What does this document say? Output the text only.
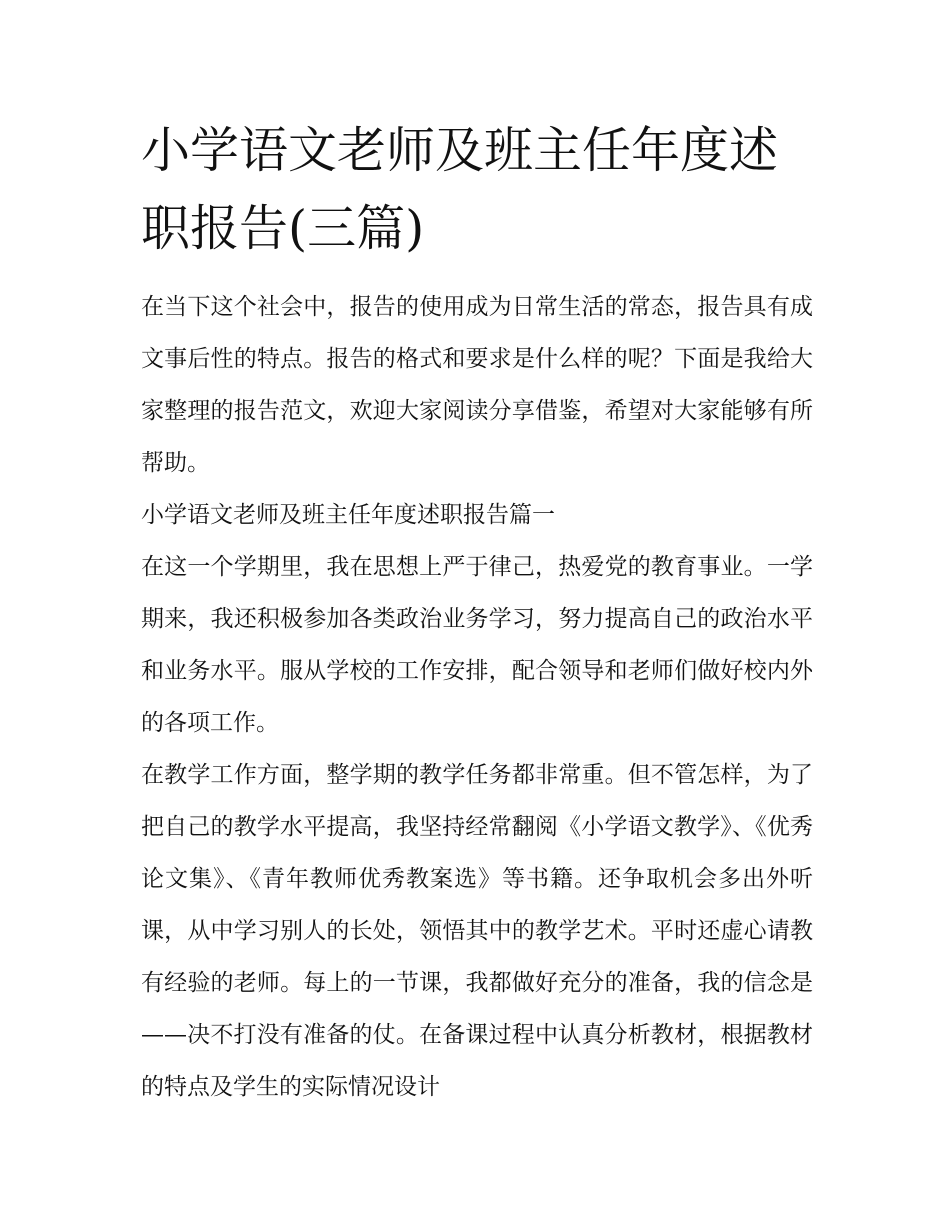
小学语文老师及班主任年度述职报告(三篇)

在当下这个社会中，报告的使用成为日常生活的常态，报告具有成文事后性的特点。报告的格式和要求是什么样的呢？下面是我给大家整理的报告范文，欢迎大家阅读分享借鉴，希望对大家能够有所帮助。

小学语文老师及班主任年度述职报告篇一

在这一个学期里，我在思想上严于律己，热爱党的教育事业。一学期来，我还积极参加各类政治业务学习，努力提高自己的政治水平和业务水平。服从学校的工作安排，配合领导和老师们做好校内外的各项工作。

在教学工作方面，整学期的教学任务都非常重。但不管怎样，为了把自己的教学水平提高，我坚持经常翻阅《小学语文教学》、《优秀论文集》、《青年教师优秀教案选》等书籍。还争取机会多出外听课，从中学习别人的长处，领悟其中的教学艺术。平时还虚心请教有经验的老师。每上的一节课，我都做好充分的准备，我的信念是——决不打没有准备的仗。在备课过程中认真分析教材，根据教材的特点及学生的实际情况设计
